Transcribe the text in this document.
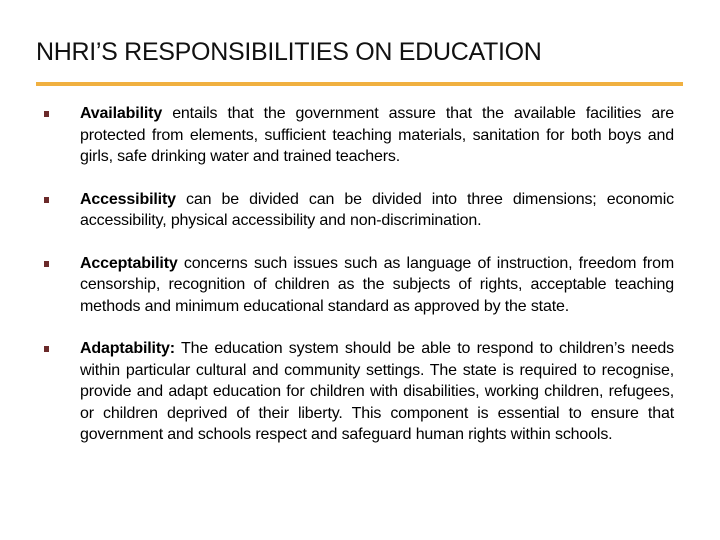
NHRI’S RESPONSIBILITIES ON EDUCATION
Availability entails that the government assure that the available facilities are protected from elements, sufficient teaching materials, sanitation for both boys and girls, safe drinking water and trained teachers.
Accessibility can be divided can be divided into three dimensions; economic accessibility, physical accessibility and non-discrimination.
Acceptability concerns such issues such as language of instruction, freedom from censorship, recognition of children as the subjects of rights, acceptable teaching methods and minimum educational standard as approved by the state.
Adaptability: The education system should be able to respond to children’s needs within particular cultural and community settings. The state is required to recognise, provide and adapt education for children with disabilities, working children, refugees, or children deprived of their liberty. This component is essential to ensure that government and schools respect and safeguard human rights within schools.
